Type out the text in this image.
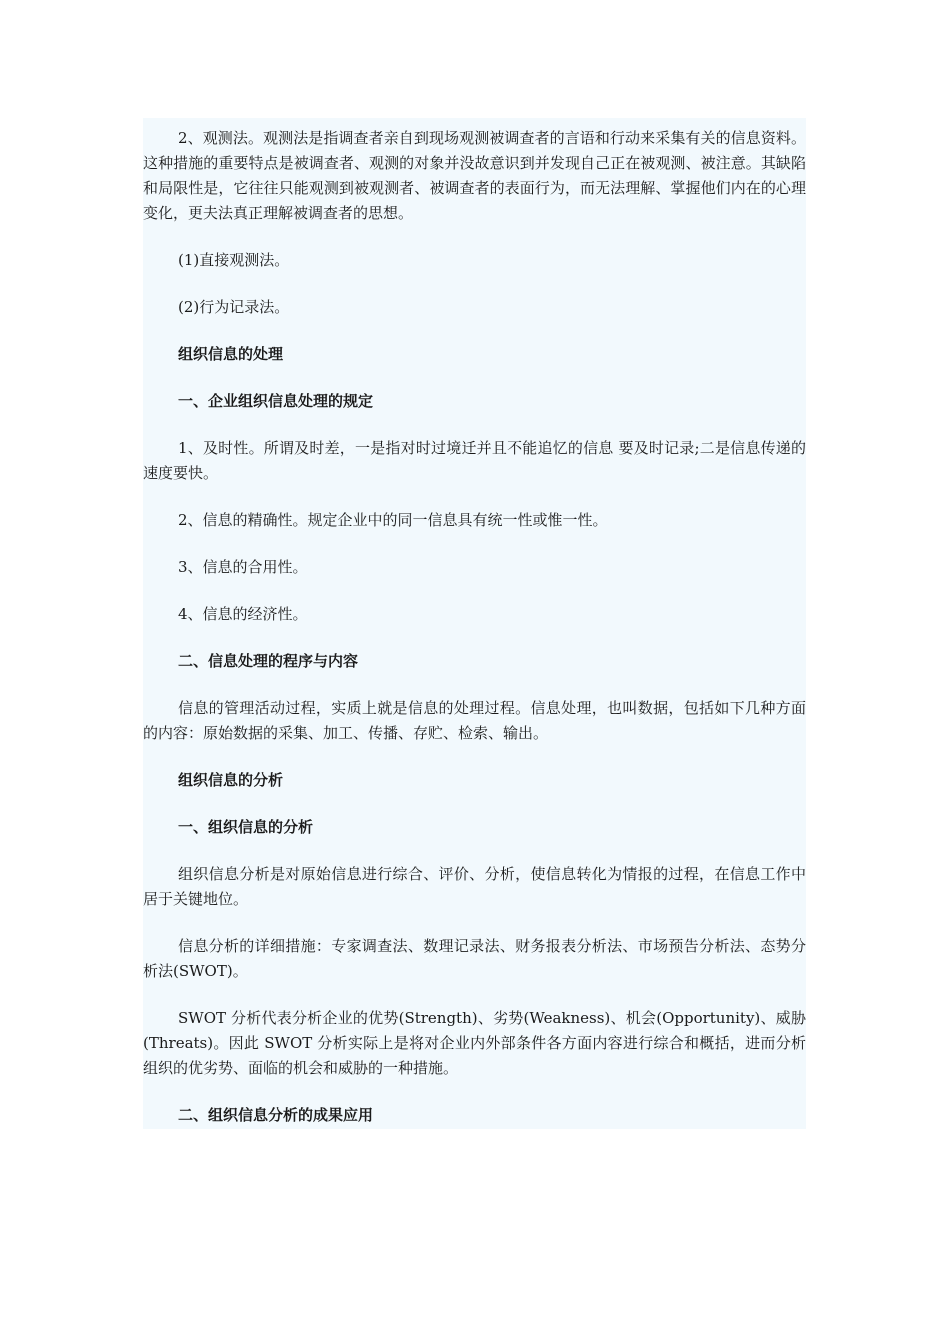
2、观测法。观测法是指调查者亲自到现场观测被调查者的言语和行动来采集有关的信息资料。这种措施的重要特点是被调查者、观测的对象并没故意识到并发现自己正在被观测、被注意。其缺陷和局限性是，它往往只能观测到被观测者、被调查者的表面行为，而无法理解、掌握他们内在的心理变化，更夫法真正理解被调查者的思想。

(1)直接观测法。

(2)行为记录法。

组织信息的处理

一、企业组织信息处理的规定

1、及时性。所谓及时差，一是指对时过境迁并且不能追忆的信息 要及时记录;二是信息传递的速度要快。

2、信息的精确性。规定企业中的同一信息具有统一性或惟一性。

3、信息的合用性。

4、信息的经济性。

二、信息处理的程序与内容

信息的管理活动过程，实质上就是信息的处理过程。信息处理，也叫数据，包括如下几种方面的内容：原始数据的采集、加工、传播、存贮、检索、输出。

组织信息的分析

一、组织信息的分析

组织信息分析是对原始信息进行综合、评价、分析，使信息转化为情报的过程，在信息工作中居于关键地位。

信息分析的详细措施：专家调查法、数理记录法、财务报表分析法、市场预告分析法、态势分析法(SWOT)。

SWOT 分析代表分析企业的优势(Strength)、劣势(Weakness)、机会(Opportunity)、威胁(Threats)。因此 SWOT 分析实际上是将对企业内外部条件各方面内容进行综合和概括，进而分析组织的优劣势、面临的机会和威胁的一种措施。

二、组织信息分析的成果应用
